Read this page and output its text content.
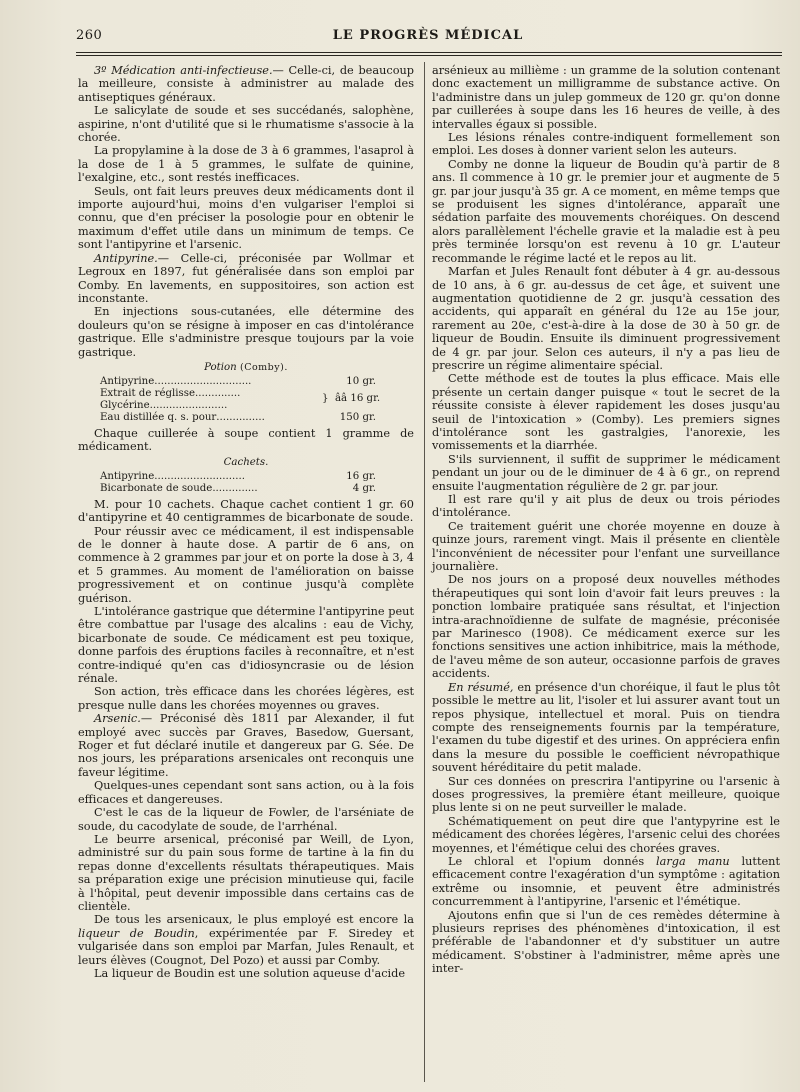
260	LE PROGRÈS MÉDICAL

3º Médication anti-infectieuse.— Celle-ci, de beaucoup la meilleure, consiste à administrer au malade des antiseptiques généraux.

Le salicylate de soude et ses succédanés, salophène, aspirine, n'ont d'utilité que si le rhumatisme s'associe à la chorée.

La propylamine à la dose de 3 à 6 grammes, l'asaprol à la dose de 1 à 5 grammes, le sulfate de quinine, l'exalgine, etc., sont restés inefficaces.

Seuls, ont fait leurs preuves deux médicaments dont il importe aujourd'hui, moins d'en vulgariser l'emploi si connu, que d'en préciser la posologie pour en obtenir le maximum d'effet utile dans un minimum de temps. Ce sont l'antipyrine et l'arsenic.

Antipyrine.— Celle-ci, préconisée par Wollmar et Legroux en 1897, fut généralisée dans son emploi par Comby. En lavements, en suppositoires, son action est inconstante.

En injections sous-cutanées, elle détermine des douleurs qu'on se résigne à imposer en cas d'intolérance gastrique. Elle s'administre presque toujours par la voie gastrique.

Potion (Comby).
Antipyrine..............................	10 gr.
Extrait de réglisse..............
Glycérine........................
}  ââ 16 gr.
Eau distillée q. s. pour...............	150 gr.

Chaque cuillerée à soupe contient 1 gramme de médicament.

Cachets.
Antipyrine............................	16 gr.
Bicarbonate de soude..............	4 gr.

M. pour 10 cachets. Chaque cachet contient 1 gr. 60 d'antipyrine et 40 centigrammes de bicarbonate de soude.

Pour réussir avec ce médicament, il est indispensable de le donner à haute dose. A partir de 6 ans, on commence à 2 grammes par jour et on porte la dose à 3, 4 et 5 grammes. Au moment de l'amélioration on baisse progressivement et on continue jusqu'à complète guérison.

L'intolérance gastrique que détermine l'antipyrine peut être combattue par l'usage des alcalins : eau de Vichy, bicarbonate de soude. Ce médicament est peu toxique, donne parfois des éruptions faciles à reconnaître, et n'est contre-indiqué qu'en cas d'idiosyncrasie ou de lésion rénale.

Son action, très efficace dans les chorées légères, est presque nulle dans les chorées moyennes ou graves.

Arsenic.— Préconisé dès 1811 par Alexander, il fut employé avec succès par Graves, Basedow, Guersant, Roger et fut déclaré inutile et dangereux par G. Sée. De nos jours, les préparations arsenicales ont reconquis une faveur légitime.

Quelques-unes cependant sont sans action, ou à la fois efficaces et dangereuses.

C'est le cas de la liqueur de Fowler, de l'arséniate de soude, du cacodylate de soude, de l'arrhénal.

Le beurre arsenical, préconisé par Weill, de Lyon, administré sur du pain sous forme de tartine à la fin du repas donne d'excellents résultats thérapeutiques. Mais sa préparation exige une précision minutieuse qui, facile à l'hôpital, peut devenir impossible dans certains cas de clientèle.

De tous les arsenicaux, le plus employé est encore la liqueur de Boudin, expérimentée par F. Siredey et vulgarisée dans son emploi par Marfan, Jules Renault, et leurs élèves (Cougnot, Del Pozo) et aussi par Comby.

La liqueur de Boudin est une solution aqueuse d'acide

arsénieux au millième : un gramme de la solution contenant donc exactement un milligramme de substance active. On l'administre dans un julep gommeux de 120 gr. qu'on donne par cuillerées à soupe dans les 16 heures de veille, à des intervalles égaux si possible.

Les lésions rénales contre-indiquent formellement son emploi. Les doses à donner varient selon les auteurs.

Comby ne donne la liqueur de Boudin qu'à partir de 8 ans. Il commence à 10 gr. le premier jour et augmente de 5 gr. par jour jusqu'à 35 gr. A ce moment, en même temps que se produisent les signes d'intolérance, apparaît une sédation parfaite des mouvements choréiques. On descend alors parallèlement l'échelle gravie et la maladie est à peu près terminée lorsqu'on est revenu à 10 gr. L'auteur recommande le régime lacté et le repos au lit.

Marfan et Jules Renault font débuter à 4 gr. au-dessous de 10 ans, à 6 gr. au-dessus de cet âge, et suivent une augmentation quotidienne de 2 gr. jusqu'à cessation des accidents, qui apparaît en général du 12e au 15e jour, rarement au 20e, c'est-à-dire à la dose de 30 à 50 gr. de liqueur de Boudin. Ensuite ils diminuent progressivement de 4 gr. par jour. Selon ces auteurs, il n'y a pas lieu de prescrire un régime alimentaire spécial.

Cette méthode est de toutes la plus efficace. Mais elle présente un certain danger puisque « tout le secret de la réussite consiste à élever rapidement les doses jusqu'au seuil de l'intoxication » (Comby). Les premiers signes d'intolérance sont les gastralgies, l'anorexie, les vomissements et la diarrhée.

S'ils surviennent, il suffit de supprimer le médicament pendant un jour ou de le diminuer de 4 à 6 gr., on reprend ensuite l'augmentation régulière de 2 gr. par jour.

Il est rare qu'il y ait plus de deux ou trois périodes d'intolérance.

Ce traitement guérit une chorée moyenne en douze à quinze jours, rarement vingt. Mais il présente en clientèle l'inconvénient de nécessiter pour l'enfant une surveillance journalière.

De nos jours on a proposé deux nouvelles méthodes thérapeutiques qui sont loin d'avoir fait leurs preuves : la ponction lombaire pratiquée sans résultat, et l'injection intra-arachnoïdienne de sulfate de magnésie, préconisée par Marinesco (1908). Ce médicament exerce sur les fonctions sensitives une action inhibitrice, mais la méthode, de l'aveu même de son auteur, occasionne parfois de graves accidents.

En résumé, en présence d'un choréique, il faut le plus tôt possible le mettre au lit, l'isoler et lui assurer avant tout un repos physique, intellectuel et moral. Puis on tiendra compte des renseignements fournis par la température, l'examen du tube digestif et des urines. On appréciera enfin dans la mesure du possible le coefficient névropathique souvent héréditaire du petit malade.

Sur ces données on prescrira l'antipyrine ou l'arsenic à doses progressives, la première étant meilleure, quoique plus lente si on ne peut surveiller le malade.

Schématiquement on peut dire que l'antypyrine est le médicament des chorées légères, l'arsenic celui des chorées moyennes, et l'émétique celui des chorées graves.

Le chloral et l'opium donnés larga manu luttent efficacement contre l'exagération d'un symptôme : agitation extrême ou insomnie, et peuvent être administrés concurremment à l'antipyrine, l'arsenic et l'émétique.

Ajoutons enfin que si l'un de ces remèdes détermine à plusieurs reprises des phénomènes d'intoxication, il est préférable de l'abandonner et d'y substituer un autre médicament. S'obstiner à l'administrer, même après une inter-
